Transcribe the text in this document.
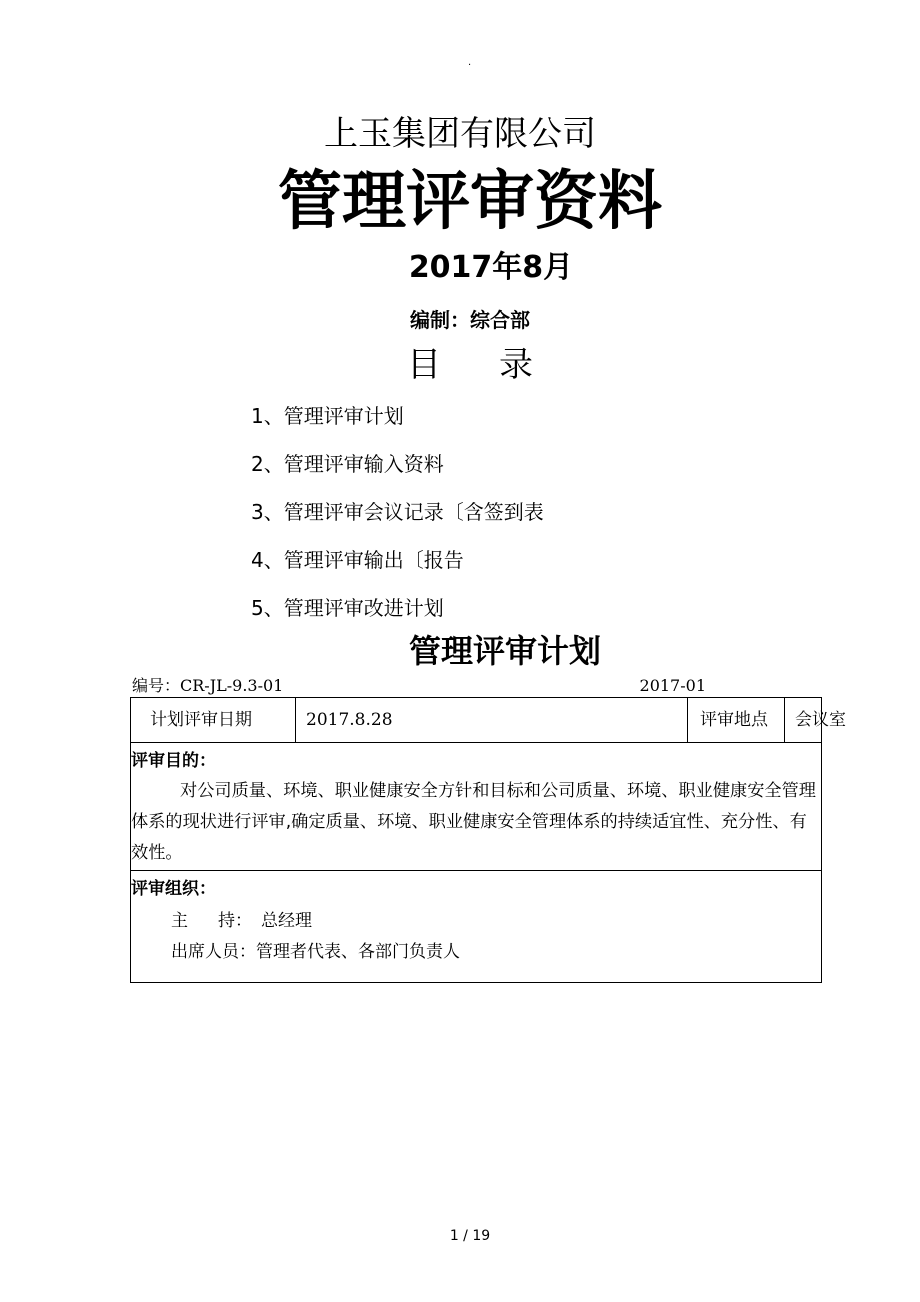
.
上玉集团有限公司
管理评审资料
2017年8月
编制：综合部
目录
1、管理评审计划
2、管理评审输入资料
3、管理评审会议记录〔含签到表
4、管理评审输出〔报告
5、管理评审改进计划
管理评审计划
编号：CR-JL-9.3-01	2017-01
计划评审日期	2017.8.28	评审地点	会议室
评审目的：

对公司质量、环境、职业健康安全方针和目标和公司质量、环境、职业健康安全管理体系的现状进行评审,确定质量、环境、职业健康安全管理体系的持续适宜性、充分性、有效性。

评审组织：
主 持： 总经理
出席人员：管理者代表、各部门负责人
1 / 19
